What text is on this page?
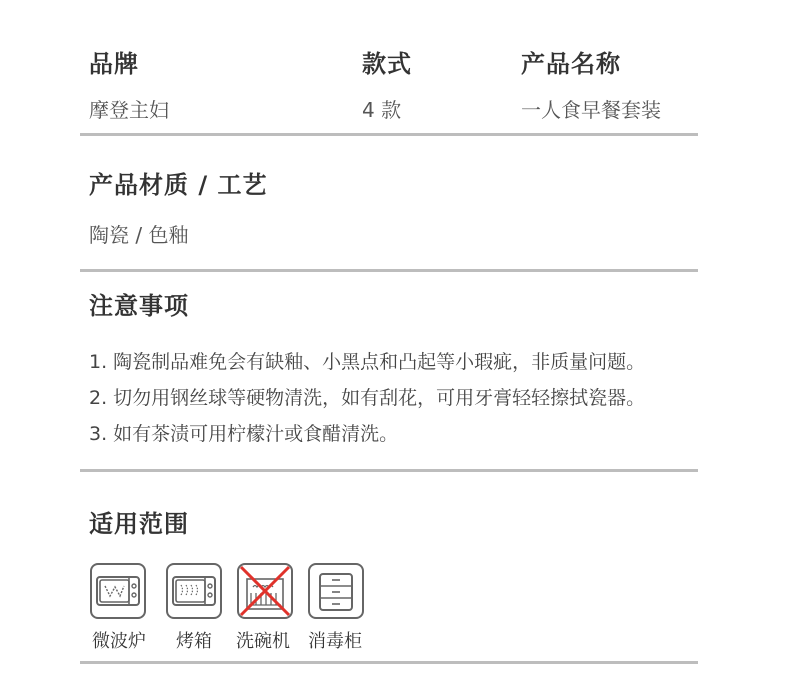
品牌
摩登主妇
款式
4 款
产品名称
一人食早餐套装
产品材质 / 工艺
陶瓷 / 色釉
注意事项
1. 陶瓷制品难免会有缺釉、小黑点和凸起等小瑕疵，非质量问题。
2. 切勿用钢丝球等硬物清洗，如有刮花，可用牙膏轻轻擦拭瓷器。
3. 如有茶渍可用柠檬汁或食醋清洗。
适用范围
微波炉 烤箱 洗碗机 消毒柜
